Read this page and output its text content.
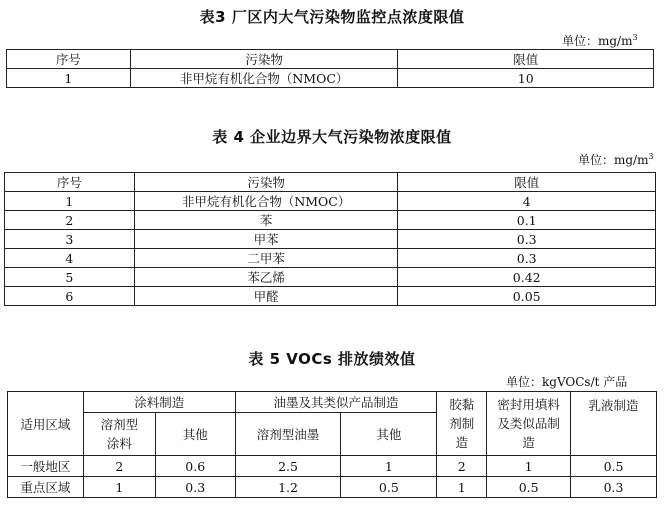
表3 厂区内大气污染物监控点浓度限值
单位：$mg/m^3$
序号	污染物	限值
1	非甲烷有机化合物（NMOC）	10
表 4 企业边界大气污染物浓度限值
单位：$mg/m^3$
序号	污染物	限值
1	非甲烷有机化合物（NMOC）	4
2	苯	0.1
3	甲苯	0.3
4	二甲苯	0.3
5	苯乙烯	0.42
6	甲醛	0.05
表 5 VOCs 排放绩效值
单位：kgVOCs/t 产品
适用区域	涂料制造		油墨及其类似产品制造		胶黏剂制造	密封用填料及类似品制造	乳液制造
	溶剂型涂料	其他	溶剂型油墨	其他			
一般地区	2	0.6	2.5	1	2	1	0.5
重点区域	1	0.3	1.2	0.5	1	0.5	0.3
